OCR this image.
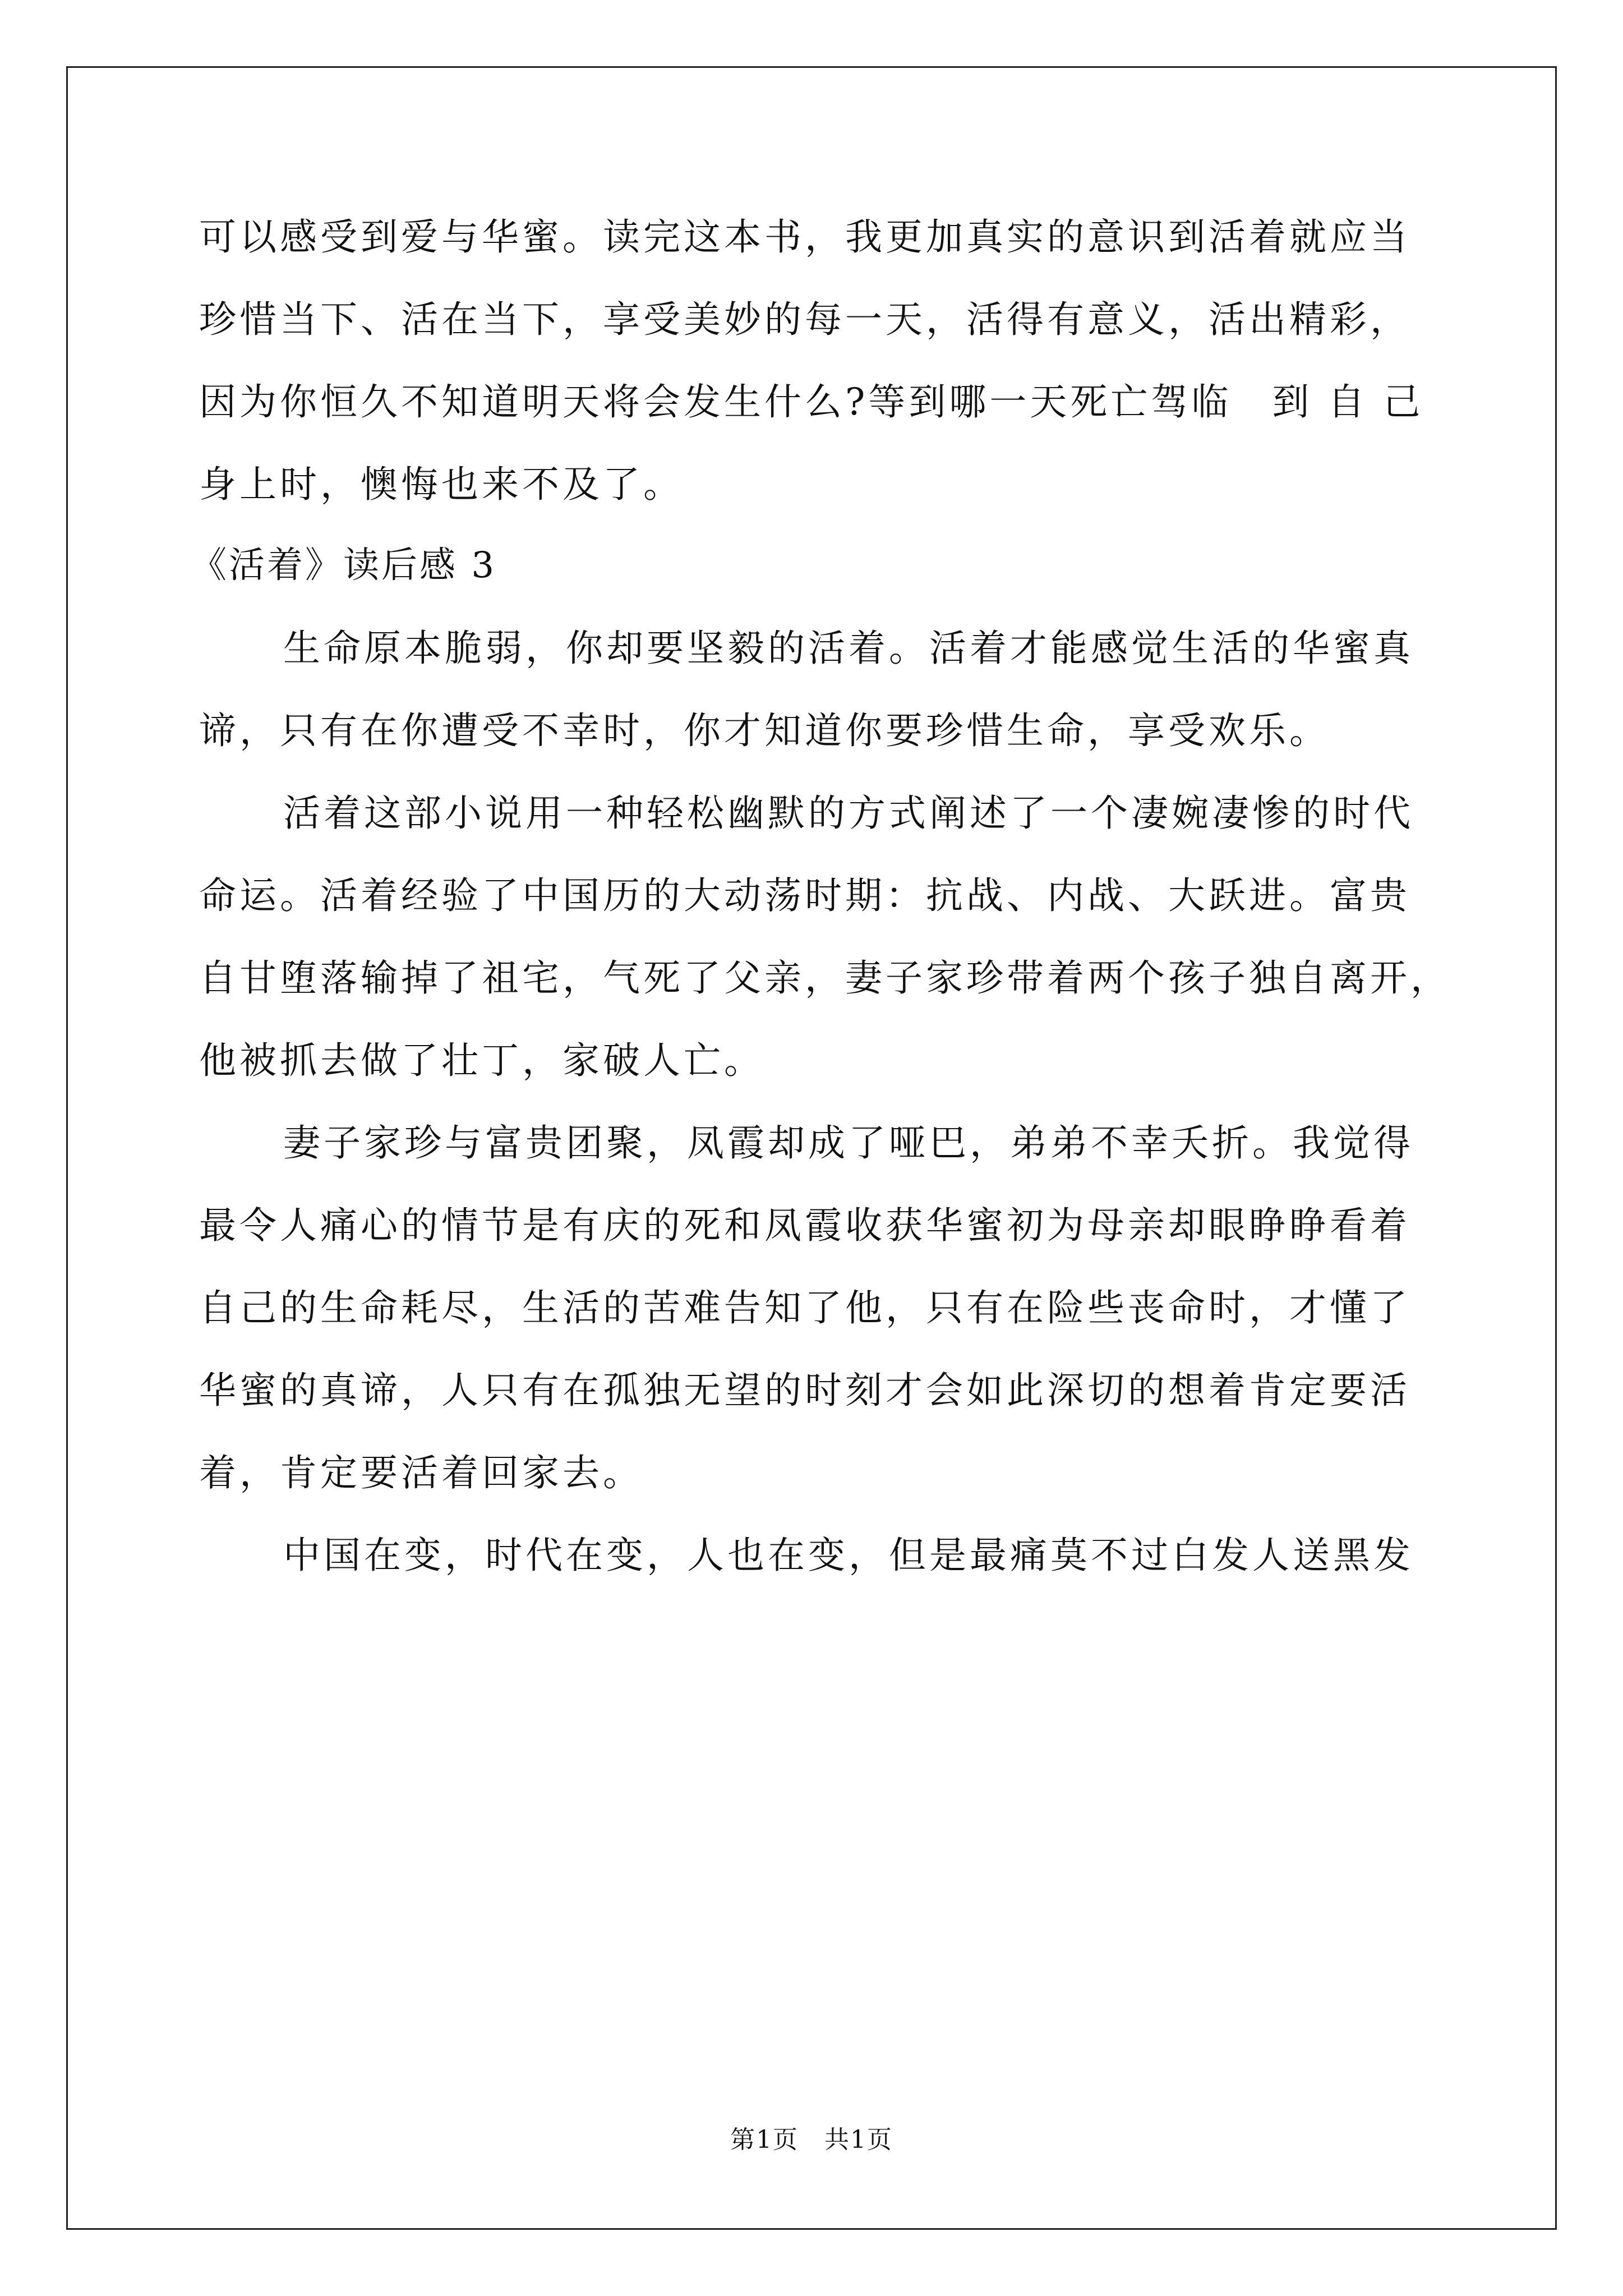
可以感受到爱与华蜜。读完这本书，我更加真实的意识到活着就应当
珍惜当下、活在当下，享受美妙的每一天，活得有意义，活出精彩，
因为你恒久不知道明天将会发生什么?等到哪一天死亡驾临　到 自 己
身上时，懊悔也来不及了。
《活着》读后感 3
生命原本脆弱，你却要坚毅的活着。活着才能感觉生活的华蜜真
谛，只有在你遭受不幸时，你才知道你要珍惜生命，享受欢乐。
活着这部小说用一种轻松幽默的方式阐述了一个凄婉凄惨的时代
命运。活着经验了中国历的大动荡时期：抗战、内战、大跃进。富贵
自甘堕落输掉了祖宅，气死了父亲，妻子家珍带着两个孩子独自离开，
他被抓去做了壮丁，家破人亡。
妻子家珍与富贵团聚，凤霞却成了哑巴，弟弟不幸夭折。我觉得
最令人痛心的情节是有庆的死和凤霞收获华蜜初为母亲却眼睁睁看着
自己的生命耗尽，生活的苦难告知了他，只有在险些丧命时，才懂了
华蜜的真谛，人只有在孤独无望的时刻才会如此深切的想着肯定要活
着，肯定要活着回家去。
中国在变，时代在变，人也在变，但是最痛莫不过白发人送黑发
第1页　共1页
